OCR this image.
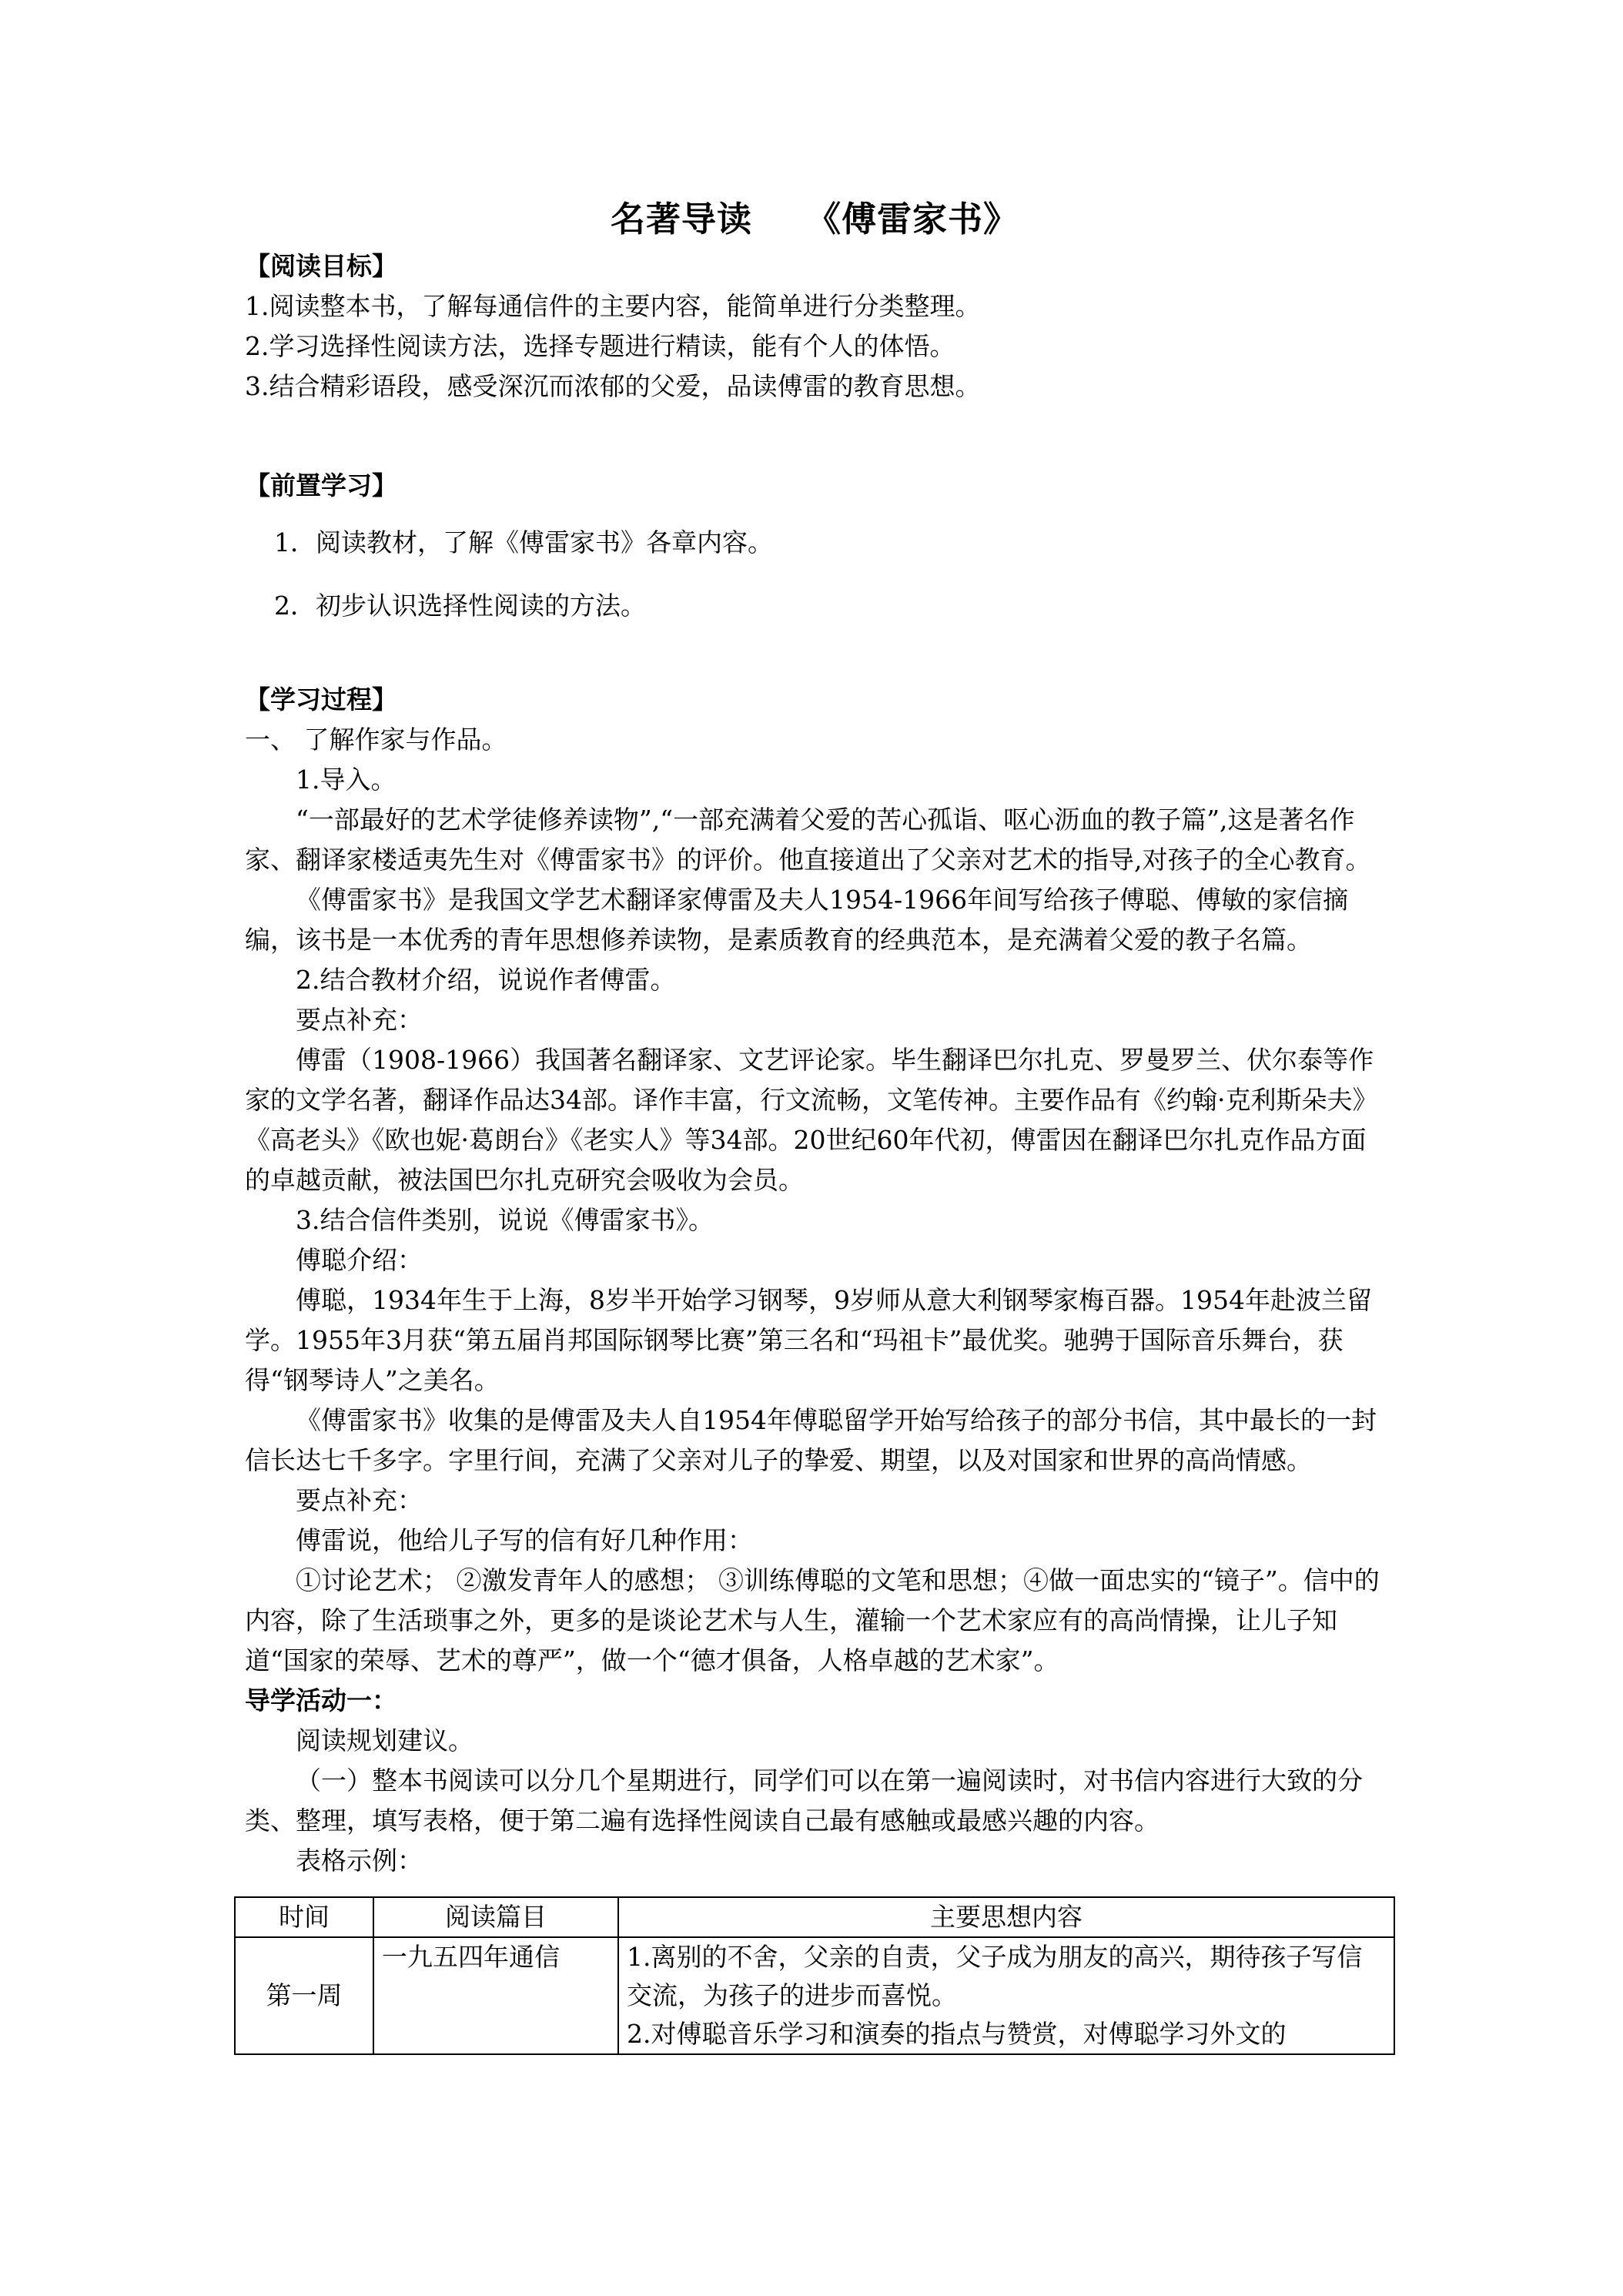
名著导读 《傅雷家书》

【阅读目标】

1.阅读整本书，了解每通信件的主要内容，能简单进行分类整理。

2.学习选择性阅读方法，选择专题进行精读，能有个人的体悟。

3.结合精彩语段，感受深沉而浓郁的父爱，品读傅雷的教育思想。

【前置学习】

1．阅读教材，了解《傅雷家书》各章内容。

2．初步认识选择性阅读的方法。

【学习过程】

一、 了解作家与作品。

1.导入。

“一部最好的艺术学徒修养读物”,“一部充满着父爱的苦心孤诣、呕心沥血的教子篇”,这是著名作家、翻译家楼适夷先生对《傅雷家书》的评价。他直接道出了父亲对艺术的指导,对孩子的全心教育。

《傅雷家书》是我国文学艺术翻译家傅雷及夫人1954-1966年间写给孩子傅聪、傅敏的家信摘编，该书是一本优秀的青年思想修养读物，是素质教育的经典范本，是充满着父爱的教子名篇。

2.结合教材介绍，说说作者傅雷。

要点补充：

傅雷（1908-1966）我国著名翻译家、文艺评论家。毕生翻译巴尔扎克、罗曼罗兰、伏尔泰等作家的文学名著，翻译作品达34部。译作丰富，行文流畅，文笔传神。主要作品有《约翰·克利斯朵夫》《高老头》《欧也妮·葛朗台》《老实人》等34部。20世纪60年代初，傅雷因在翻译巴尔扎克作品方面的卓越贡献，被法国巴尔扎克研究会吸收为会员。

3.结合信件类别，说说《傅雷家书》。

傅聪介绍：

傅聪，1934年生于上海，8岁半开始学习钢琴，9岁师从意大利钢琴家梅百器。1954年赴波兰留学。1955年3月获“第五届肖邦国际钢琴比赛”第三名和“玛祖卡”最优奖。驰骋于国际音乐舞台，获得“钢琴诗人”之美名。

《傅雷家书》收集的是傅雷及夫人自1954年傅聪留学开始写给孩子的部分书信，其中最长的一封信长达七千多字。字里行间，充满了父亲对儿子的挚爱、期望，以及对国家和世界的高尚情感。

要点补充：

傅雷说，他给儿子写的信有好几种作用：

①讨论艺术； ②激发青年人的感想； ③训练傅聪的文笔和思想；④做一面忠实的“镜子”。信中的内容，除了生活琐事之外，更多的是谈论艺术与人生，灌输一个艺术家应有的高尚情操，让儿子知道“国家的荣辱、艺术的尊严”，做一个“德才俱备，人格卓越的艺术家”。

导学活动一：

阅读规划建议。

（一）整本书阅读可以分几个星期进行，同学们可以在第一遍阅读时，对书信内容进行大致的分类、整理，填写表格，便于第二遍有选择性阅读自己最有感触或最感兴趣的内容。

表格示例：

时间	阅读篇目	主要思想内容
第一周	一九五四年通信	1.离别的不舍，父亲的自责，父子成为朋友的高兴，期待孩子写信交流，为孩子的进步而喜悦。

2.对傅聪音乐学习和演奏的指点与赞赏，对傅聪学习外文的
